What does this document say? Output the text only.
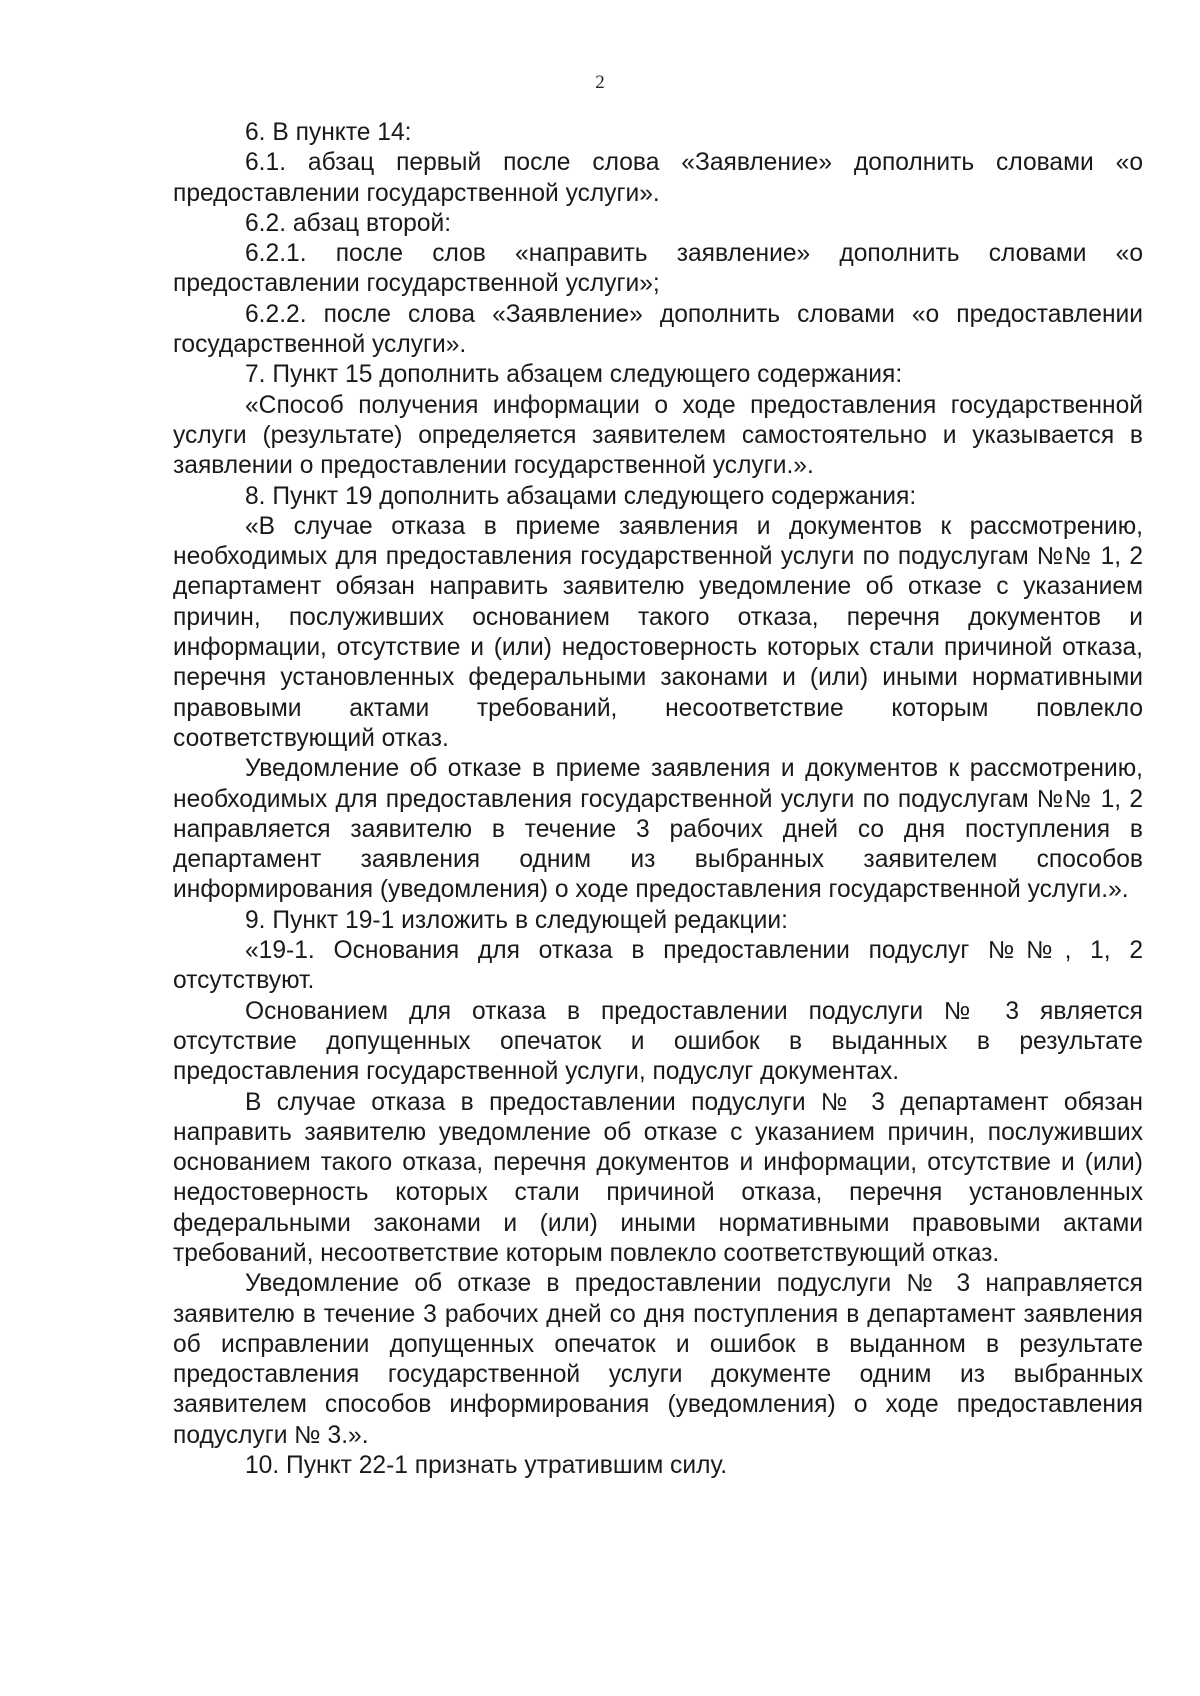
2

6. В пункте 14:

6.1. абзац первый после слова «Заявление» дополнить словами «о предоставлении государственной услуги».

6.2. абзац второй:

6.2.1. после слов «направить заявление» дополнить словами «о предоставлении государственной услуги»;

6.2.2. после слова «Заявление» дополнить словами «о предоставлении государственной услуги».

7. Пункт 15 дополнить абзацем следующего содержания:

«Способ получения информации о ходе предоставления государственной услуги (результате) определяется заявителем самостоятельно и указывается в заявлении о предоставлении государственной услуги.».

8. Пункт 19 дополнить абзацами следующего содержания:

«В случае отказа в приеме заявления и документов к рассмотрению, необходимых для предоставления государственной услуги по подуслугам №№ 1, 2 департамент обязан направить заявителю уведомление об отказе с указанием причин, послуживших основанием такого отказа, перечня документов и информации, отсутствие и (или) недостоверность которых стали причиной отказа, перечня установленных федеральными законами и (или) иными нормативными правовыми актами требований, несоответствие которым повлекло соответствующий отказ.

Уведомление об отказе в приеме заявления и документов к рассмотрению, необходимых для предоставления государственной услуги по подуслугам №№ 1, 2 направляется заявителю в течение 3 рабочих дней со дня поступления в департамент заявления одним из выбранных заявителем способов информирования (уведомления) о ходе предоставления государственной услуги.».

9. Пункт 19-1 изложить в следующей редакции:

«19-1. Основания для отказа в предоставлении подуслуг №№, 1, 2 отсутствуют.

Основанием для отказа в предоставлении подуслуги № 3 является отсутствие допущенных опечаток и ошибок в выданных в результате предоставления государственной услуги, подуслуг документах.

В случае отказа в предоставлении подуслуги № 3 департамент обязан направить заявителю уведомление об отказе с указанием причин, послуживших основанием такого отказа, перечня документов и информации, отсутствие и (или) недостоверность которых стали причиной отказа, перечня установленных федеральными законами и (или) иными нормативными правовыми актами требований, несоответствие которым повлекло соответствующий отказ.

Уведомление об отказе в предоставлении подуслуги № 3 направляется заявителю в течение 3 рабочих дней со дня поступления в департамент заявления об исправлении допущенных опечаток и ошибок в выданном в результате предоставления государственной услуги документе одним из выбранных заявителем способов информирования (уведомления) о ходе предоставления подуслуги № 3.».

10. Пункт 22-1 признать утратившим силу.
